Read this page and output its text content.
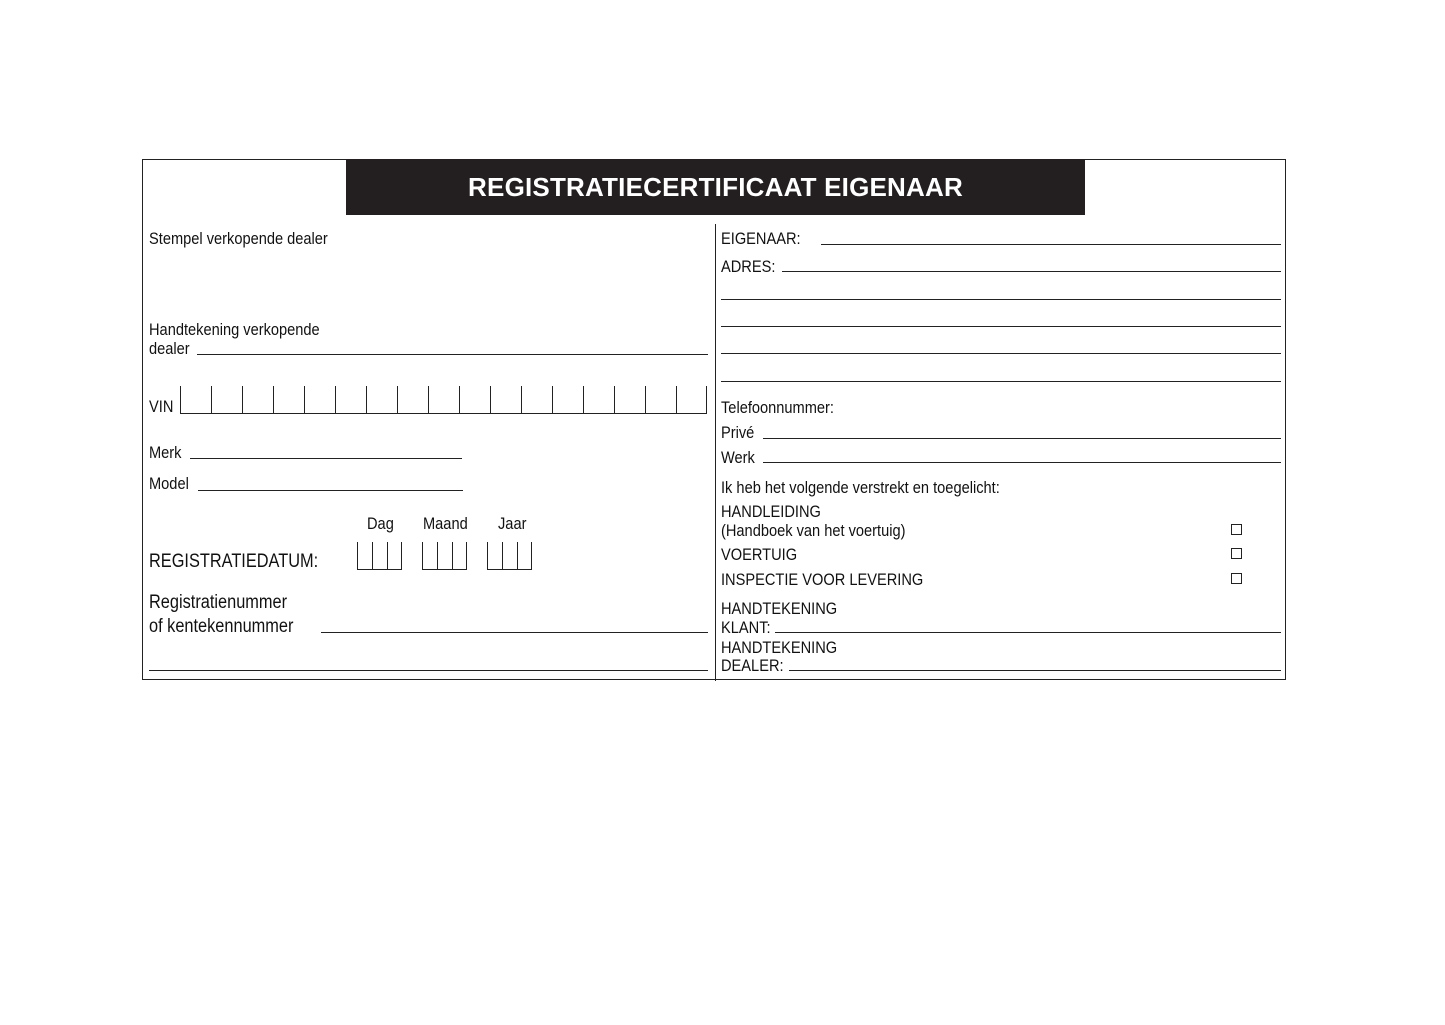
REGISTRATIECERTIFICAAT EIGENAAR
Stempel verkopende dealer
Handtekening verkopende
dealer
VIN
Merk
Model
Dag Maand Jaar
REGISTRATIEDATUM:
Registratienummer
of kentekennummer
EIGENAAR:
ADRES:
Telefoonnummer:
Privé
Werk
Ik heb het volgende verstrekt en toegelicht:
HANDLEIDING
(Handboek van het voertuig)
VOERTUIG
INSPECTIE VOOR LEVERING
HANDTEKENING
KLANT:
HANDTEKENING
DEALER:
